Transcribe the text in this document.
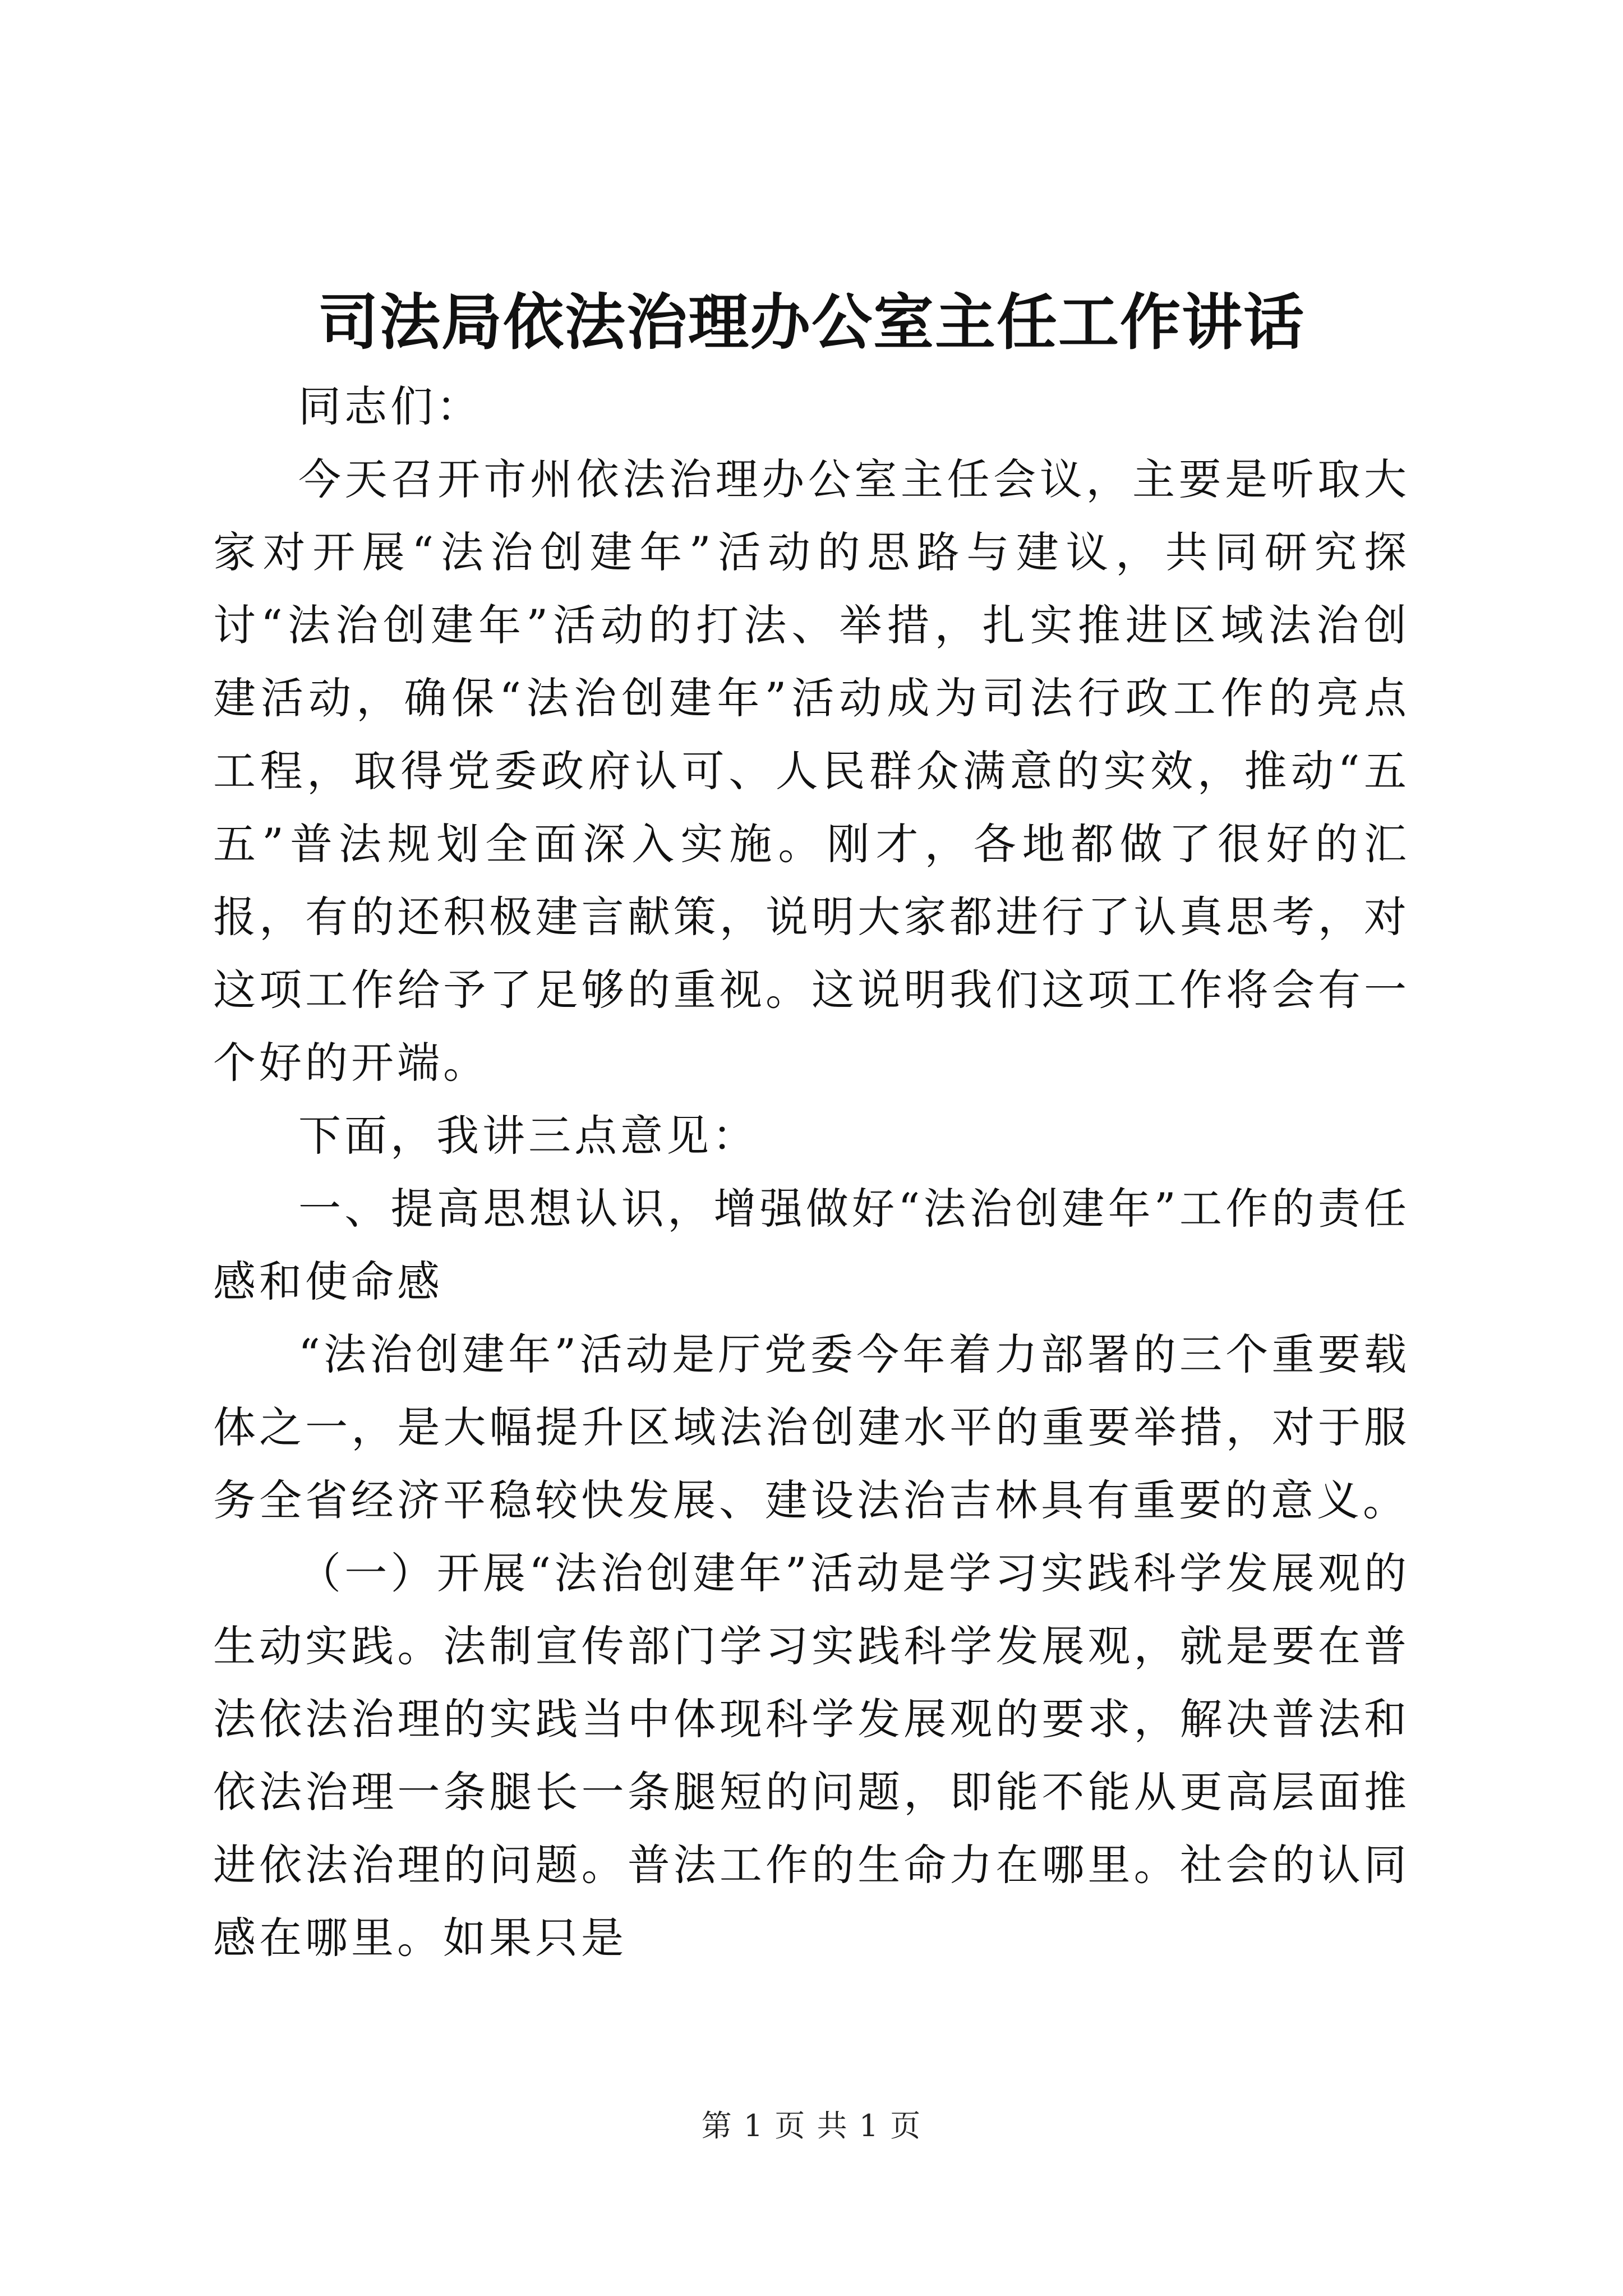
司法局依法治理办公室主任工作讲话

同志们：

今天召开市州依法治理办公室主任会议，主要是听取大家对开展“法治创建年”活动的思路与建议，共同研究探讨“法治创建年”活动的打法、举措，扎实推进区域法治创建活动，确保“法治创建年”活动成为司法行政工作的亮点工程，取得党委政府认可、人民群众满意的实效，推动“五五”普法规划全面深入实施。刚才，各地都做了很好的汇报，有的还积极建言献策，说明大家都进行了认真思考，对这项工作给予了足够的重视。这说明我们这项工作将会有一个好的开端。

下面，我讲三点意见：

一、提高思想认识，增强做好“法治创建年”工作的责任感和使命感

“法治创建年”活动是厅党委今年着力部署的三个重要载体之一，是大幅提升区域法治创建水平的重要举措，对于服务全省经济平稳较快发展、建设法治吉林具有重要的意义。

（一）开展“法治创建年”活动是学习实践科学发展观的生动实践。法制宣传部门学习实践科学发展观，就是要在普法依法治理的实践当中体现科学发展观的要求，解决普法和依法治理一条腿长一条腿短的问题，即能不能从更高层面推进依法治理的问题。普法工作的生命力在哪里。社会的认同感在哪里。如果只是

第 1 页 共 1 页
